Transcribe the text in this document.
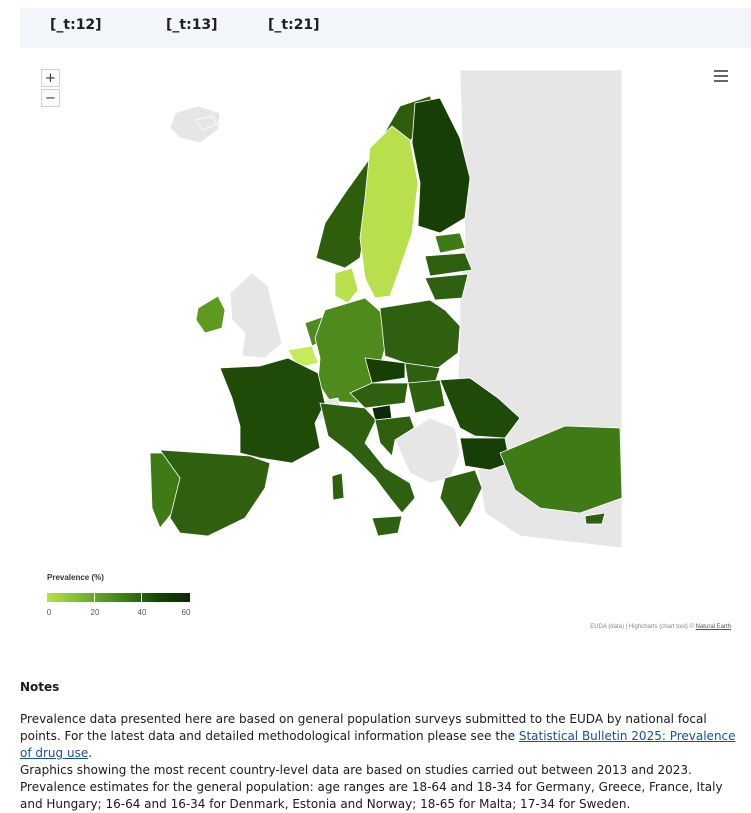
[_t:12]	[_t:13]	[_t:21]
+
−
Prevalence (%)
0	20	40	60
EUDA (data) | Highcharts (chart tool) © Natural Earth
Notes

Prevalence data presented here are based on general population surveys submitted to the EUDA by national focal points. For the latest data and detailed methodological information please see the Statistical Bulletin 2025: Prevalence of drug use.

Graphics showing the most recent country-level data are based on studies carried out between 2013 and 2023.

Prevalence estimates for the general population: age ranges are 18-64 and 18-34 for Germany, Greece, France, Italy and Hungary; 16-64 and 16-34 for Denmark, Estonia and Norway; 18-65 for Malta; 17-34 for Sweden.
